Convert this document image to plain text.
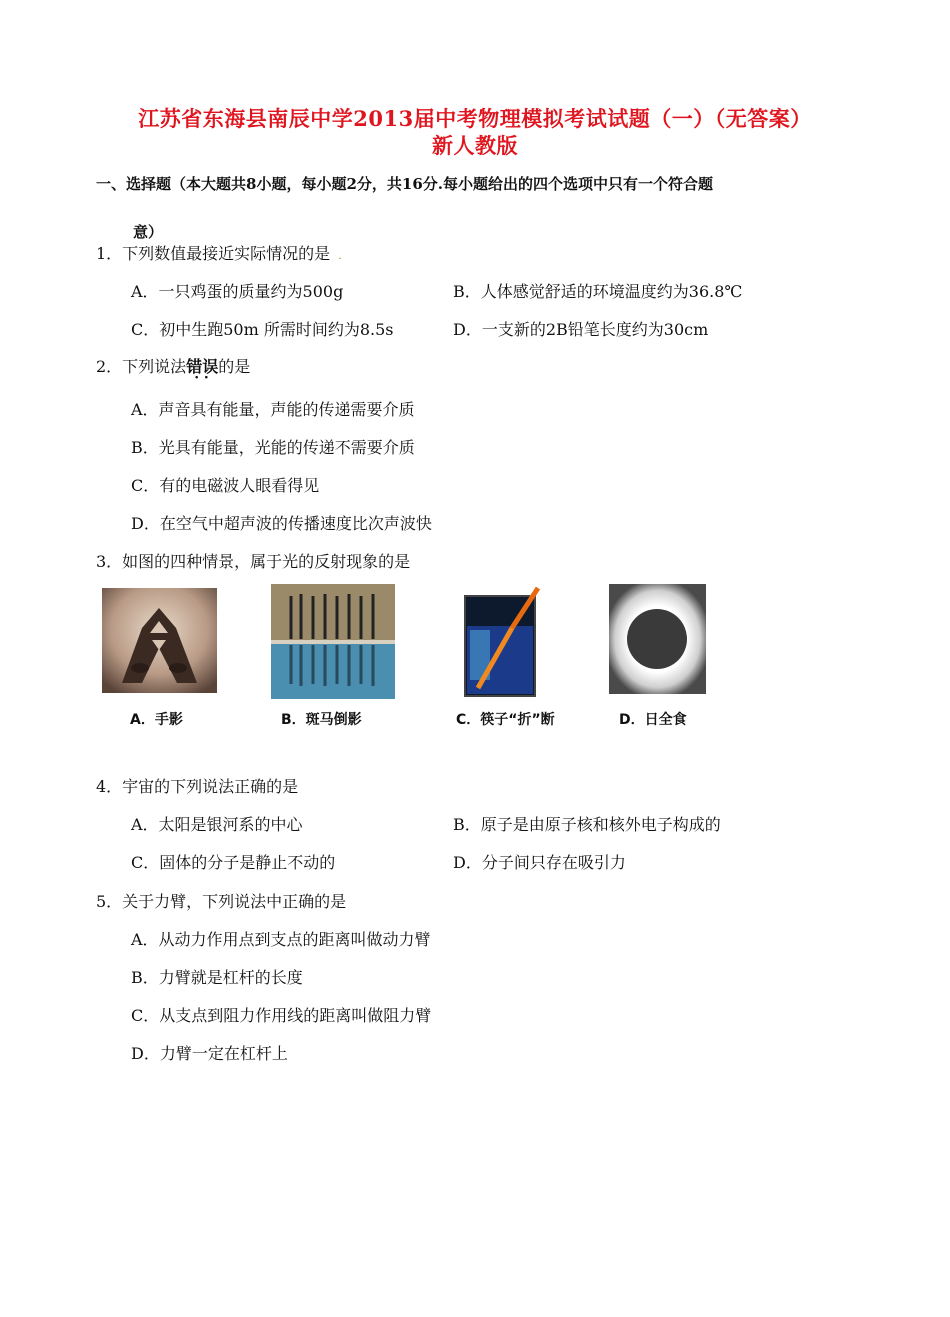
江苏省东海县南辰中学2013届中考物理模拟考试试题（一）（无答案）
新人教版
一、选择题（本大题共8小题，每小题2分，共16分.每小题给出的四个选项中只有一个符合题
意）
1．下列数值最接近实际情况的是  .
A．一只鸡蛋的质量约为500g	B．人体感觉舒适的环境温度约为36.8℃
C．初中生跑50m 所需时间约为8.5s	D．一支新的2B铅笔长度约为30cm
2．下列说法错误 · ·的是
A．声音具有能量，声能的传递需要介质
B．光具有能量，光能的传递不需要介质
C．有的电磁波人眼看得见
D．在空气中超声波的传播速度比次声波快
3．如图的四种情景，属于光的反射现象的是
A．手影	B．斑马倒影	C．筷子“折”断	D．日全食
4．宇宙的下列说法正确的是
A．太阳是银河系的中心	B．原子是由原子核和核外电子构成的
C．固体的分子是静止不动的	D．分子间只存在吸引力
5．关于力臂，下列说法中正确的是
A．从动力作用点到支点的距离叫做动力臂
B．力臂就是杠杆的长度
C．从支点到阻力作用线的距离叫做阻力臂
D．力臂一定在杠杆上
